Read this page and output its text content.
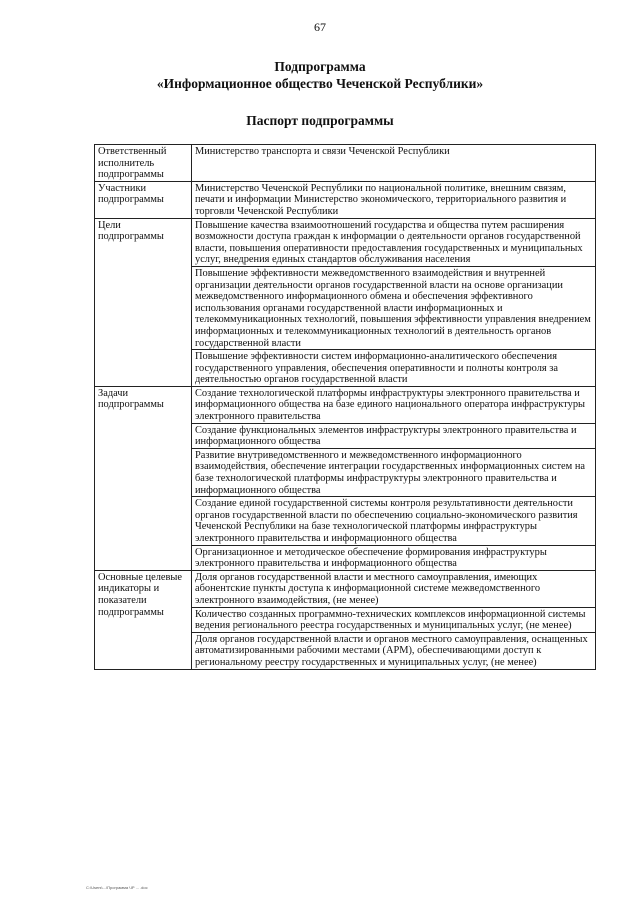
67
Подпрограмма
«Информационное общество Чеченской Республики»
Паспорт подпрограммы
Ответственный исполнитель подпрограммы	Министерство транспорта и связи Чеченской Республики
Участники подпрограммы	Министерство Чеченской Республики по национальной политике, внешним связям, печати и информации Министерство экономического, территориального развития и торговли Чеченской Республики
Цели подпрограммы	Повышение качества взаимоотношений государства и общества путем расширения возможности доступа граждан к информации о деятельности органов государственной власти, повышения оперативности предоставления государственных и муниципальных услуг, внедрения единых стандартов обслуживания населения
	Повышение эффективности межведомственного взаимодействия и внутренней организации деятельности органов государственной власти на основе организации межведомственного информационного обмена и обеспечения эффективного использования органами государственной власти информационных и телекоммуникационных технологий, повышения эффективности управления внедрением информационных и телекоммуникационных технологий в деятельность органов государственной власти
	Повышение эффективности систем информационно-аналитического обеспечения государственного управления, обеспечения оперативности и полноты контроля за деятельностью органов государственной власти
Задачи подпрограммы	Создание технологической платформы инфраструктуры электронного правительства и информационного общества на базе единого национального оператора инфраструктуры электронного правительства
	Создание функциональных элементов инфраструктуры электронного правительства и информационного общества
	Развитие внутриведомственного и межведомственного информационного взаимодействия, обеспечение интеграции государственных информационных систем на базе технологической платформы инфраструктуры электронного правительства и информационного общества
	Создание единой государственной системы контроля результативности деятельности органов государственной власти по обеспечению социально-экономического развития Чеченской Республики на базе технологической платформы инфраструктуры электронного правительства и информационного общества
	Организационное и методическое обеспечение формирования инфраструктуры электронного правительства и информационного общества
Основные целевые индикаторы и показатели подпрограммы	Доля органов государственной власти и местного самоуправления, имеющих абонентские пункты доступа к информационной системе межведомственного электронного взаимодействия, (не менее)
	Количество созданных программно-технических комплексов информационной системы ведения регионального реестра государственных и муниципальных услуг, (не менее)
	Доля органов государственной власти и органов местного самоуправления, оснащенных автоматизированными рабочими местами (АРМ), обеспечивающими доступ к региональному реестру государственных и муниципальных услуг, (не менее)
С:\Users\...\Программа ЧР ... .doc
